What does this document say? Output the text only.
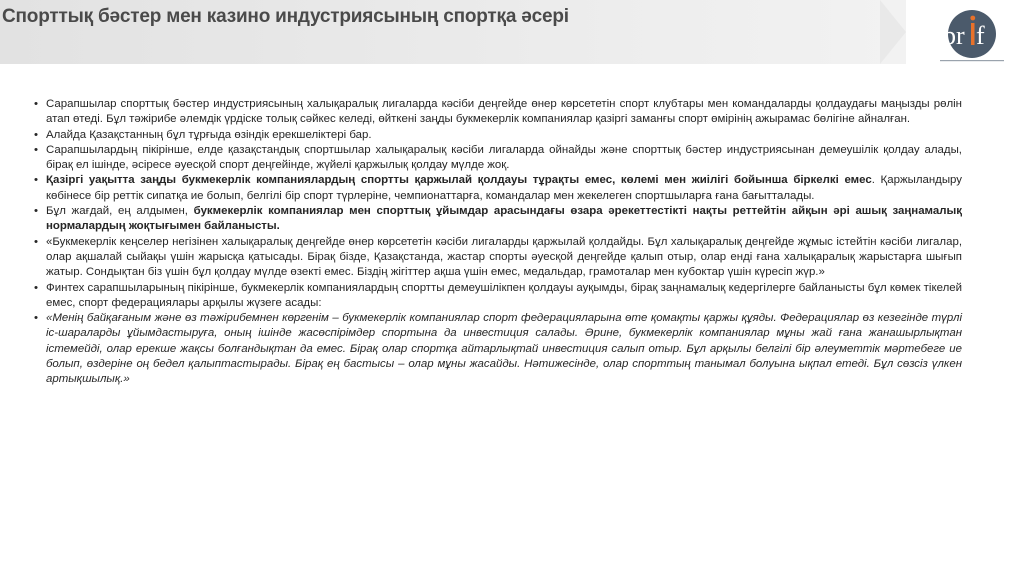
Спорттық бәстер мен казино индустриясының спортқа әсері
br f
• Сарапшылар спорттық бәстер индустриясының халықаралық лигаларда кәсіби деңгейде өнер көрсететін спорт клубтары мен командаларды қолдаудағы маңызды рөлін атап өтеді. Бұл тәжірибе әлемдік үрдіске толық сәйкес келеді, өйткені заңды букмекерлік компаниялар қазіргі заманғы спорт өмірінің ажырамас бөлігіне айналған.
• Алайда Қазақстанның бұл тұрғыда өзіндік ерекшеліктері бар.
• Сарапшылардың пікірінше, елде қазақстандық спортшылар халықаралық кәсіби лигаларда ойнайды және спорттық бәстер индустриясынан демеушілік қолдау алады, бірақ ел ішінде, әсіресе әуесқой спорт деңгейінде, жүйелі қаржылық қолдау мүлде жоқ.
• Қазіргі уақытта заңды букмекерлік компаниялардың спортты қаржылай қолдауы тұрақты емес, көлемі мен жиілігі бойынша біркелкі емес. Қаржыландыру көбінесе бір реттік сипатқа ие болып, белгілі бір спорт түрлеріне, чемпионаттарға, командалар мен жекелеген спортшыларға ғана бағытталады.
• Бұл жағдай, ең алдымен, букмекерлік компаниялар мен спорттық ұйымдар арасындағы өзара әрекеттестікті нақты реттейтін айқын әрі ашық заңнамалық нормалардың жоқтығымен байланысты.
• «Букмекерлік кеңселер негізінен халықаралық деңгейде өнер көрсететін кәсіби лигаларды қаржылай қолдайды. Бұл халықаралық деңгейде жұмыс істейтін кәсіби лигалар, олар ақшалай сыйақы үшін жарысқа қатысады. Бірақ бізде, Қазақстанда, жастар спорты әуесқой деңгейде қалып отыр, олар енді ғана халықаралық жарыстарға шығып жатыр. Сондықтан біз үшін бұл қолдау мүлде өзекті емес. Біздің жігіттер ақша үшін емес, медальдар, грамоталар мен кубоктар үшін күресіп жүр.»
• Финтех сарапшыларының пікірінше, букмекерлік компаниялардың спортты демеушілікпен қолдауы ауқымды, бірақ заңнамалық кедергілерге байланысты бұл көмек тікелей емес, спорт федерациялары арқылы жүзеге асады:
• «Менің байқағаным және өз тәжірибемнен көргенім – букмекерлік компаниялар спорт федерацияларына өте қомақты қаржы құяды. Федерациялар өз кезегінде түрлі іс-шараларды ұйымдастыруға, оның ішінде жасөспірімдер спортына да инвестиция салады. Әрине, букмекерлік компаниялар мұны жай ғана жанашырлықтан істемейді, олар ерекше жақсы болғандықтан да емес. Бірақ олар спортқа айтарлықтай инвестиция салып отыр. Бұл арқылы белгілі бір әлеуметтік мәртебеге ие болып, өздеріне оң бедел қалыптастырады. Бірақ ең бастысы – олар мұны жасайды. Нәтижесінде, олар спорттың танымал болуына ықпал етеді. Бұл сөзсіз үлкен артықшылық.»
